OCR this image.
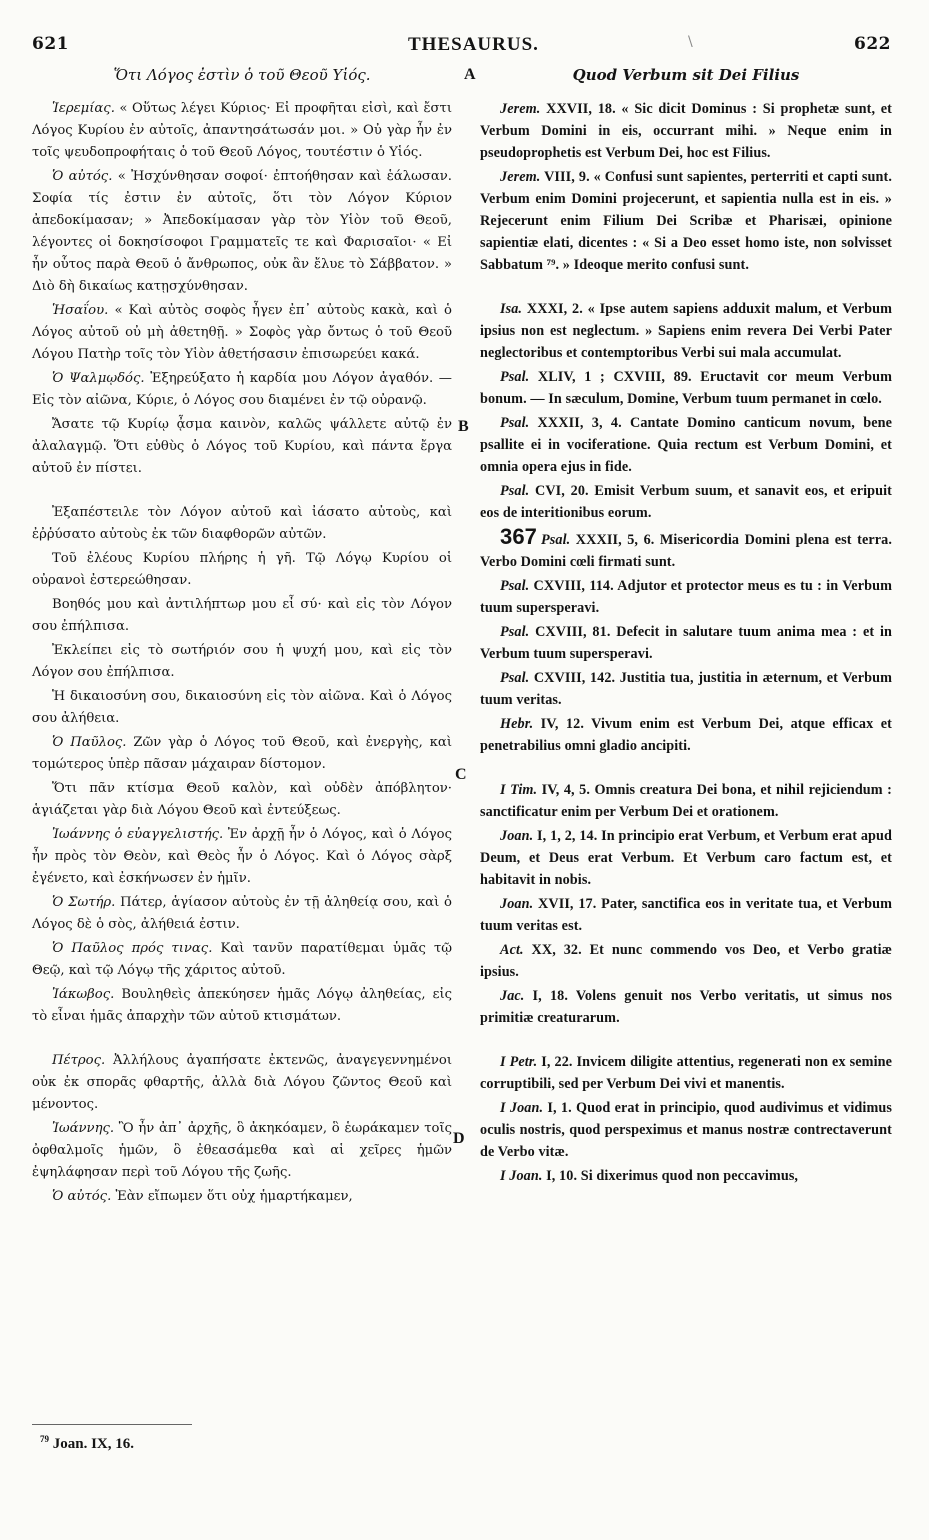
621	THESAURUS.	\	622
Ὅτι Λόγος ἐστὶν ὁ τοῦ Θεοῦ Υἱός.

Ἱερεμίας. « Οὕτως λέγει Κύριος· Εἰ προφῆται εἰσὶ, καὶ ἔστι Λόγος Κυρίου ἐν αὐτοῖς, ἀπαντησάτωσάν μοι. » Οὐ γὰρ ἦν ἐν τοῖς ψευδοπροφήταις ὁ τοῦ Θεοῦ Λόγος, τουτέστιν ὁ Υἱός.

Ὁ αὐτός. « Ἠσχύνθησαν σοφοί· ἐπτοήθησαν καὶ ἑάλωσαν. Σοφία τίς ἐστιν ἐν αὐτοῖς, ὅτι τὸν Λόγον Κύριον ἀπεδοκίμασαν; » Ἀπεδοκίμασαν γὰρ τὸν Υἱὸν τοῦ Θεοῦ, λέγοντες οἱ δοκησίσοφοι Γραμματεῖς τε καὶ Φαρισαῖοι· « Εἰ ἦν οὗτος παρὰ Θεοῦ ὁ ἄνθρωπος, οὐκ ἂν ἔλυε τὸ Σάββατον. » Διὸ δὴ δικαίως κατῃσχύνθησαν.

Ἡσαΐου. « Καὶ αὐτὸς σοφὸς ἦγεν ἐπ᾽ αὐτοὺς κακὰ, καὶ ὁ Λόγος αὐτοῦ οὐ μὴ ἀθετηθῇ. » Σοφὸς γὰρ ὄντως ὁ τοῦ Θεοῦ Λόγου Πατὴρ τοῖς τὸν Υἱὸν ἀθετήσασιν ἐπισωρεύει κακά.

Ὁ Ψαλμῳδός. Ἐξηρεύξατο ἡ καρδία μου Λόγον ἀγαθόν. — Εἰς τὸν αἰῶνα, Κύριε, ὁ Λόγος σου διαμένει ἐν τῷ οὐρανῷ.

Ἄσατε τῷ Κυρίῳ ᾆσμα καινὸν, καλῶς ψάλλετε αὐτῷ ἐν ἀλαλαγμῷ. Ὅτι εὐθὺς ὁ Λόγος τοῦ Κυρίου, καὶ πάντα ἔργα αὐτοῦ ἐν πίστει.

Ἐξαπέστειλε τὸν Λόγον αὐτοῦ καὶ ἰάσατο αὐτοὺς, καὶ ἐῤῥύσατο αὐτοὺς ἐκ τῶν διαφθορῶν αὐτῶν.

Τοῦ ἐλέους Κυρίου πλήρης ἡ γῆ. Τῷ Λόγῳ Κυρίου οἱ οὐρανοὶ ἐστερεώθησαν.

Βοηθός μου καὶ ἀντιλήπτωρ μου εἶ σύ· καὶ εἰς τὸν Λόγον σου ἐπήλπισα.

Ἐκλείπει εἰς τὸ σωτήριόν σου ἡ ψυχή μου, καὶ εἰς τὸν Λόγον σου ἐπήλπισα.

Ἡ δικαιοσύνη σου, δικαιοσύνη εἰς τὸν αἰῶνα. Καὶ ὁ Λόγος σου ἀλήθεια.

Ὁ Παῦλος. Ζῶν γὰρ ὁ Λόγος τοῦ Θεοῦ, καὶ ἐνεργὴς, καὶ τομώτερος ὑπὲρ πᾶσαν μάχαιραν δίστομον.

Ὅτι πᾶν κτίσμα Θεοῦ καλὸν, καὶ οὐδὲν ἀπόβλητον· ἁγιάζεται γὰρ διὰ Λόγου Θεοῦ καὶ ἐντεύξεως.

Ἰωάννης ὁ εὐαγγελιστής. Ἐν ἀρχῇ ἦν ὁ Λόγος, καὶ ὁ Λόγος ἦν πρὸς τὸν Θεὸν, καὶ Θεὸς ἦν ὁ Λόγος. Καὶ ὁ Λόγος σὰρξ ἐγένετο, καὶ ἐσκήνωσεν ἐν ἡμῖν.

Ὁ Σωτήρ. Πάτερ, ἁγίασον αὐτοὺς ἐν τῇ ἀληθείᾳ σου, καὶ ὁ Λόγος δὲ ὁ σὸς, ἀλήθειά ἐστιν.

Ὁ Παῦλος πρός τινας. Καὶ τανῦν παρατίθεμαι ὑμᾶς τῷ Θεῷ, καὶ τῷ Λόγῳ τῆς χάριτος αὐτοῦ.

Ἰάκωβος. Βουληθεὶς ἀπεκύησεν ἡμᾶς Λόγῳ ἀληθείας, εἰς τὸ εἶναι ἡμᾶς ἀπαρχὴν τῶν αὐτοῦ κτισμάτων.

Πέτρος. Ἀλλήλους ἀγαπήσατε ἐκτενῶς, ἀναγεγεννημένοι οὐκ ἐκ σπορᾶς φθαρτῆς, ἀλλὰ διὰ Λόγου ζῶντος Θεοῦ καὶ μένοντος.

Ἰωάννης. Ὃ ἦν ἀπ᾽ ἀρχῆς, ὃ ἀκηκόαμεν, ὃ ἑωράκαμεν τοῖς ὀφθαλμοῖς ἡμῶν, ὃ ἐθεασάμεθα καὶ αἱ χεῖρες ἡμῶν ἐψηλάφησαν περὶ τοῦ Λόγου τῆς ζωῆς.

Ὁ αὐτός. Ἐὰν εἴπωμεν ὅτι οὐχ ἡμαρτήκαμεν,

Quod Verbum sit Dei Filius

Jerem. XXVII, 18. « Sic dicit Dominus : Si prophetæ sunt, et Verbum Domini in eis, occurrant mihi. » Neque enim in pseudoprophetis est Verbum Dei, hoc est Filius.

Jerem. VIII, 9. « Confusi sunt sapientes, perterriti et capti sunt. Verbum enim Domini projecerunt, et sapientia nulla est in eis. » Rejecerunt enim Filium Dei Scribæ et Pharisæi, opinione sapientiæ elati, dicentes : « Si a Deo esset homo iste, non solvisset Sabbatum ⁷⁹. » Ideoque merito confusi sunt.

Isa. XXXI, 2. « Ipse autem sapiens adduxit malum, et Verbum ipsius non est neglectum. » Sapiens enim revera Dei Verbi Pater neglectoribus et contemptoribus Verbi sui mala accumulat.

Psal. XLIV, 1 ; CXVIII, 89. Eructavit cor meum Verbum bonum. — In sæculum, Domine, Verbum tuum permanet in cœlo.

Psal. XXXII, 3, 4. Cantate Domino canticum novum, bene psallite ei in vociferatione. Quia rectum est Verbum Domini, et omnia opera ejus in fide.

Psal. CVI, 20. Emisit Verbum suum, et sanavit eos, et eripuit eos de interitionibus eorum.

367 Psal. XXXII, 5, 6. Misericordia Domini plena est terra. Verbo Domini cœli firmati sunt.

Psal. CXVIII, 114. Adjutor et protector meus es tu : in Verbum tuum supersperavi.

Psal. CXVIII, 81. Defecit in salutare tuum anima mea : et in Verbum tuum supersperavi.

Psal. CXVIII, 142. Justitia tua, justitia in æternum, et Verbum tuum veritas.

Hebr. IV, 12. Vivum enim est Verbum Dei, atque efficax et penetrabilius omni gladio ancipiti.

I Tim. IV, 4, 5. Omnis creatura Dei bona, et nihil rejiciendum : sanctificatur enim per Verbum Dei et orationem.

Joan. I, 1, 2, 14. In principio erat Verbum, et Verbum erat apud Deum, et Deus erat Verbum. Et Verbum caro factum est, et habitavit in nobis.

Joan. XVII, 17. Pater, sanctifica eos in veritate tua, et Verbum tuum veritas est.

Act. XX, 32. Et nunc commendo vos Deo, et Verbo gratiæ ipsius.

Jac. I, 18. Volens genuit nos Verbo veritatis, ut simus nos primitiæ creaturarum.

I Petr. I, 22. Invicem diligite attentius, regenerati non ex semine corruptibili, sed per Verbum Dei vivi et manentis.

I Joan. I, 1. Quod erat in principio, quod audivimus et vidimus oculis nostris, quod perspeximus et manus nostræ contrectaverunt de Verbo vitæ.

I Joan. I, 10. Si dixerimus quod non peccavimus,

A
B
C
D
$^{79}$ Joan. IX, 16.
